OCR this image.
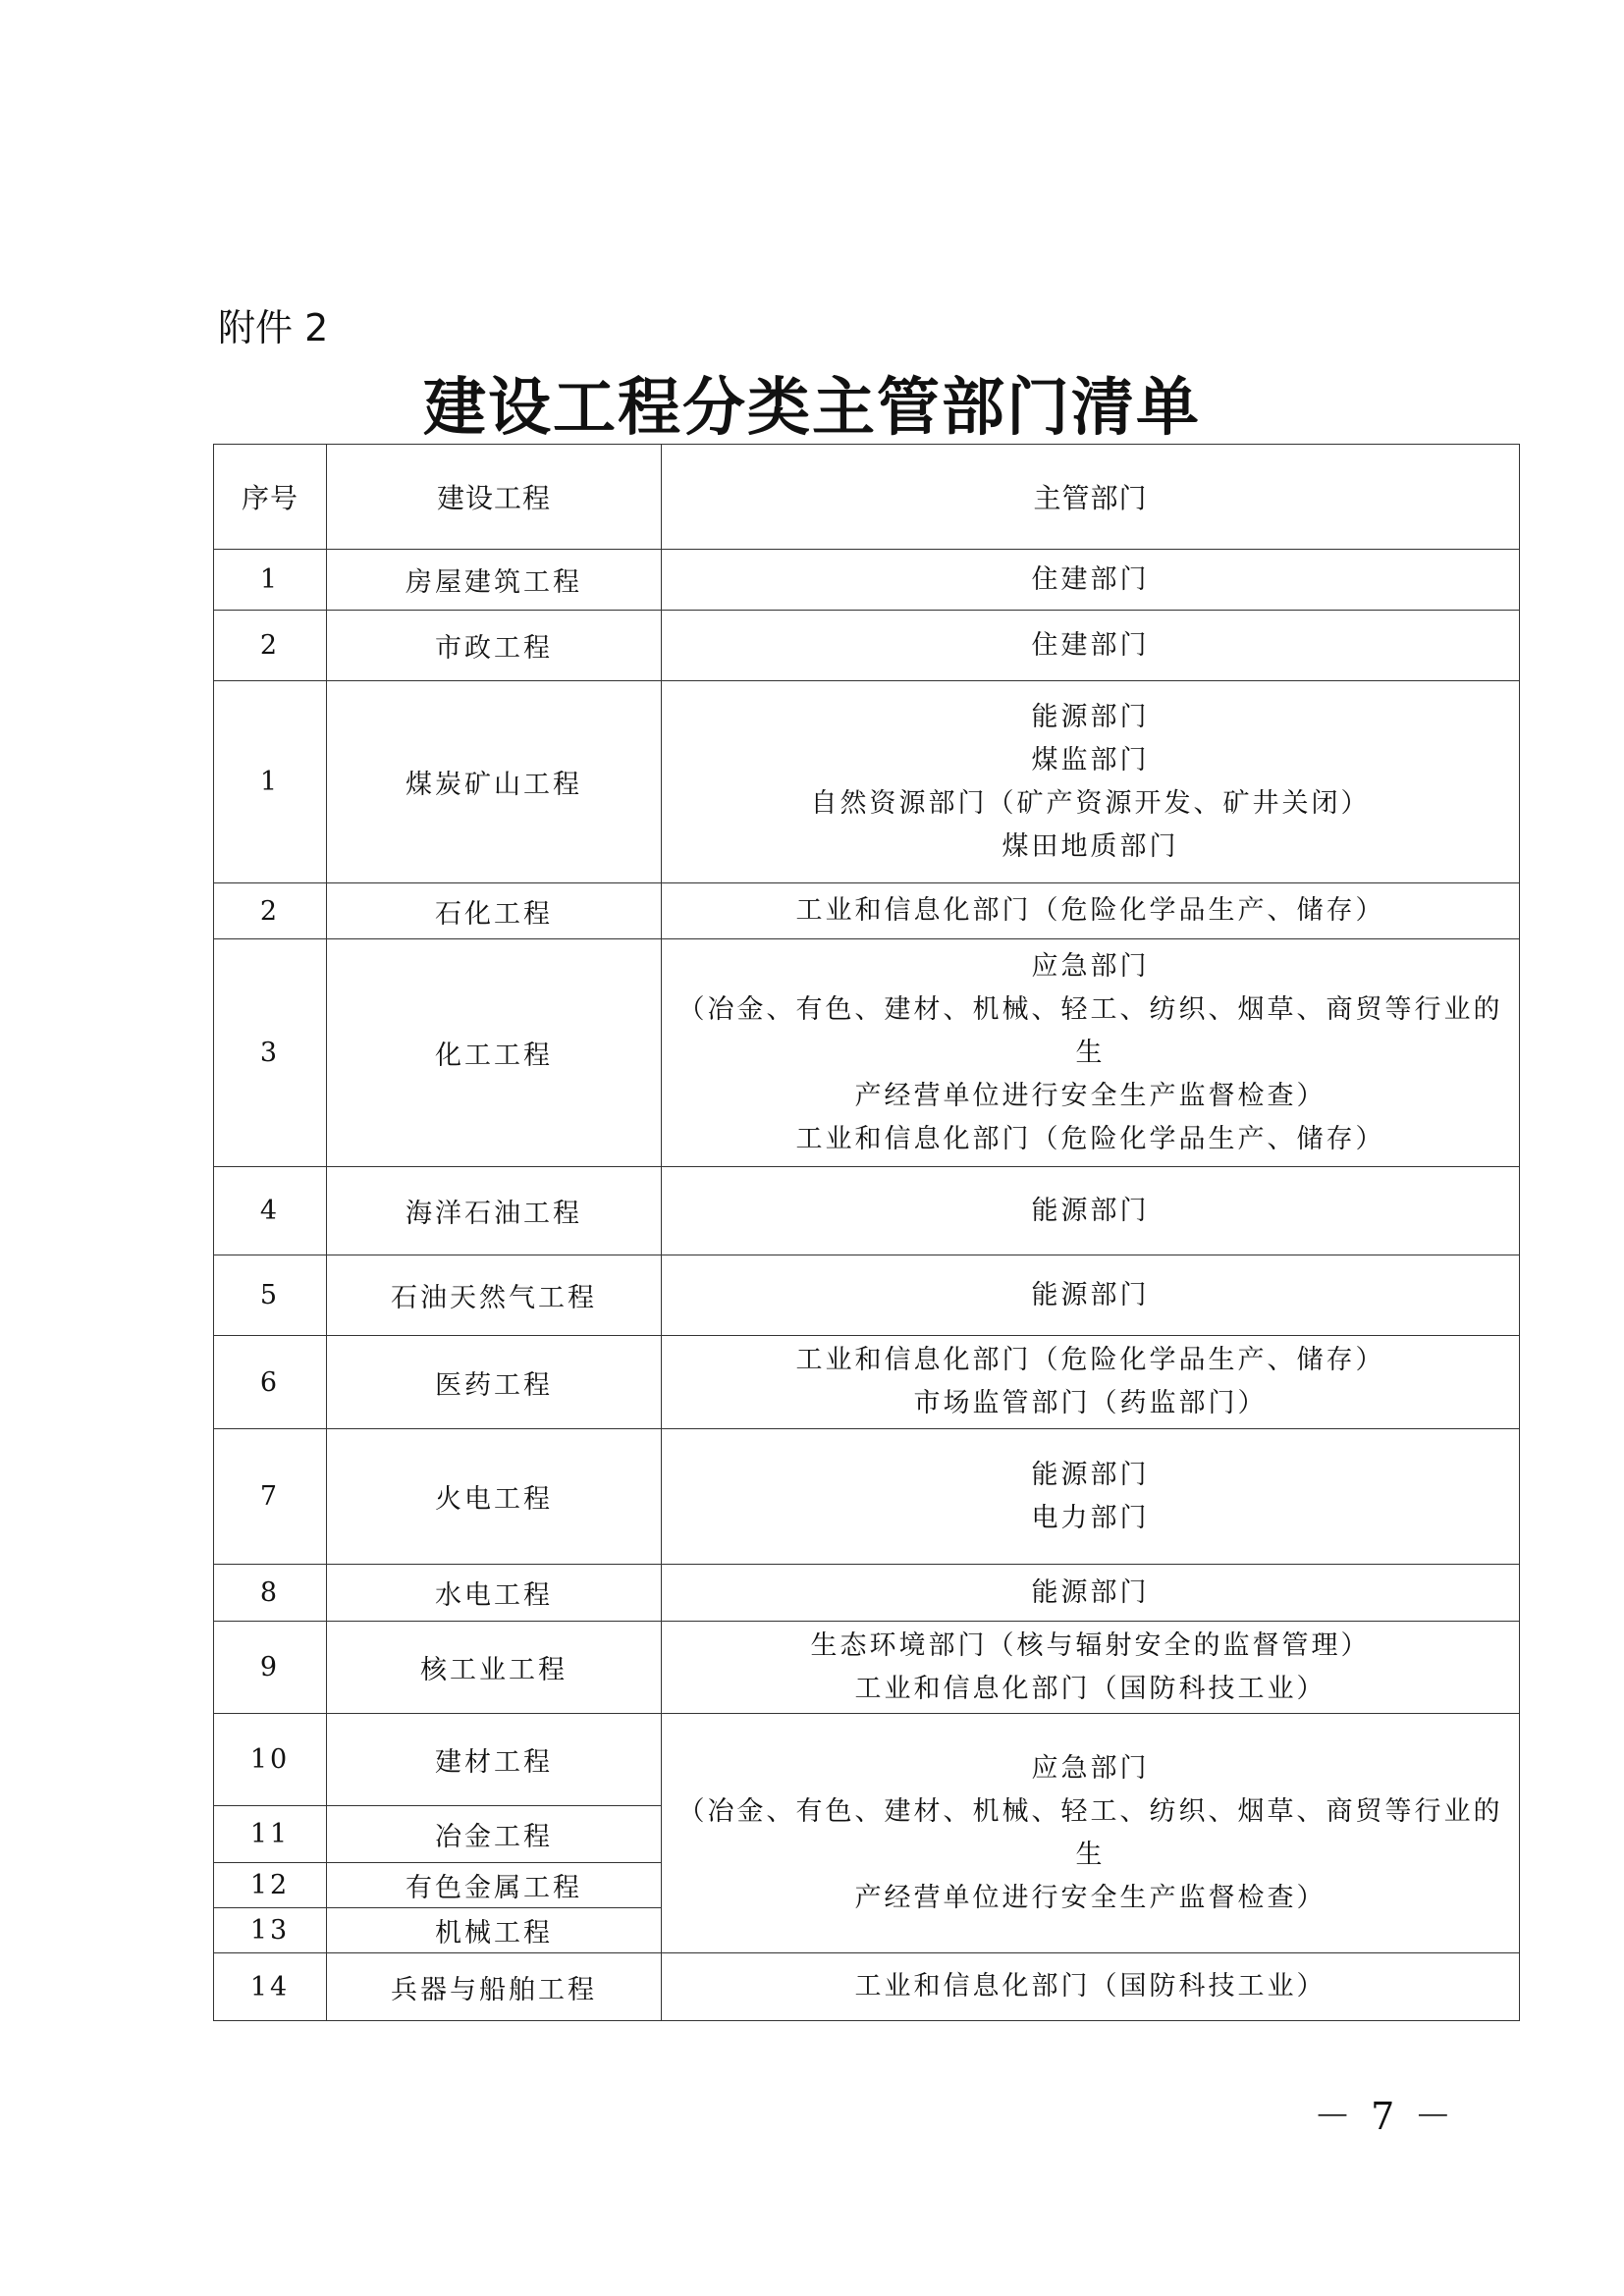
附件 2
建设工程分类主管部门清单
序号	建设工程	主管部门
1	房屋建筑工程	住建部门

2	市政工程	住建部门

1	煤炭矿山工程	能源部门
煤监部门
自然资源部门（矿产资源开发、矿井关闭）
煤田地质部门

2	石化工程	工业和信息化部门（危险化学品生产、储存）

3	化工工程	应急部门
（冶金、有色、建材、机械、轻工、纺织、烟草、商贸等行业的生
产经营单位进行安全生产监督检查）
工业和信息化部门（危险化学品生产、储存）

4	海洋石油工程	能源部门

5	石油天然气工程	能源部门

6	医药工程	工业和信息化部门（危险化学品生产、储存）
市场监管部门（药监部门）

7	火电工程	能源部门
电力部门

8	水电工程	能源部门

9	核工业工程	生态环境部门（核与辐射安全的监督管理）
工业和信息化部门（国防科技工业）

10	建材工程	应急部门
（冶金、有色、建材、机械、轻工、纺织、烟草、商贸等行业的生
产经营单位进行安全生产监督检查）

11	冶金工程	
12	有色金属工程	
13	机械工程	
14	兵器与船舶工程	工业和信息化部门（国防科技工业）
－ 7 －
